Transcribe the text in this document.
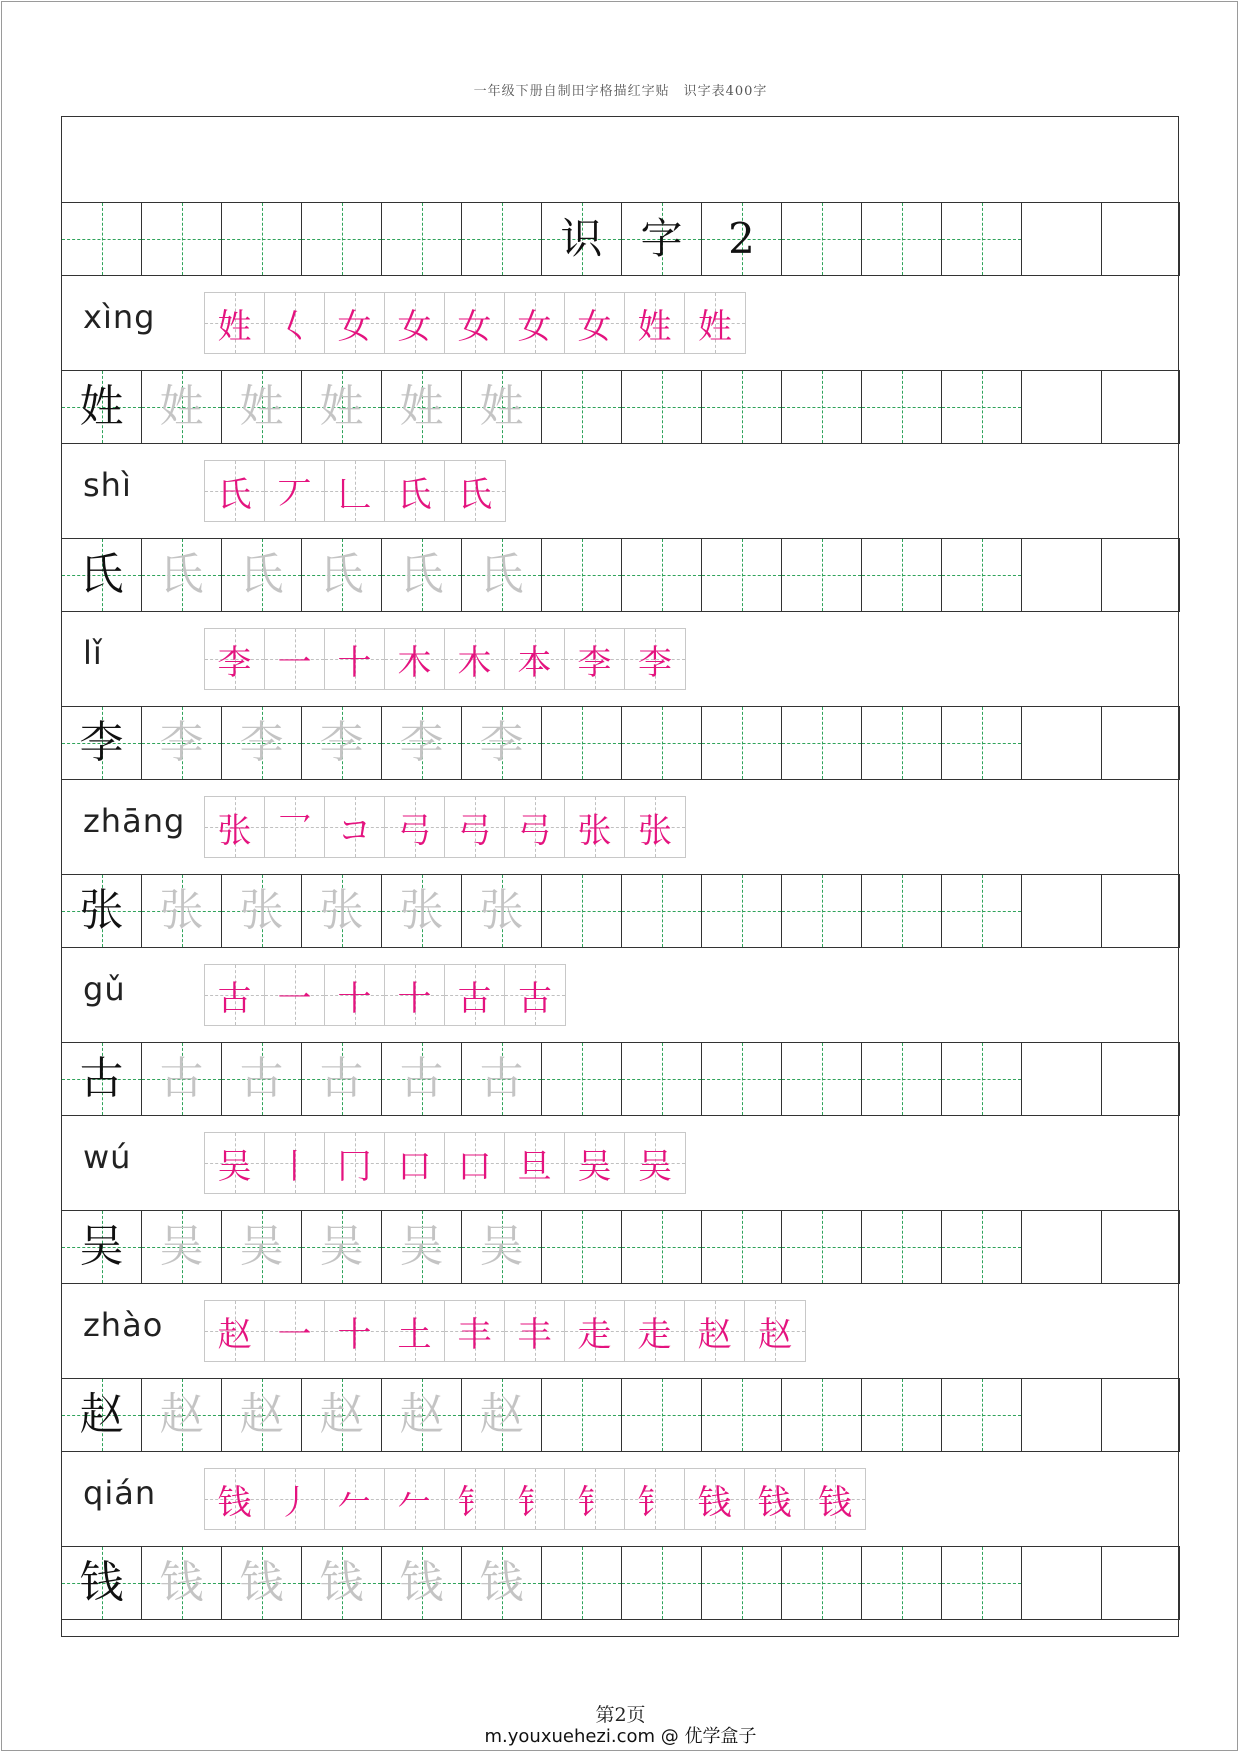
一年级下册自制田字格描红字贴　识字表400字
识 字	2
xìng	姓 𡿨 女 女 女 女 女 姓 姓
姓 姓 姓 姓 姓 姓
shì	氏 丆 𠃊 氏 氏
氏 氏 氏 氏 氏 氏
lǐ	李 一 十 木 木 本 李 李
李 李 李 李 李 李
zhāng 张 乛 コ 弓 弓 弓 张 张
张 张 张 张 张 张
gǔ	古 一 十 十 古 古
古 古 古 古 古 古
wú	吴 丨 冂 口 口 旦 吴 吴
吴 吴 吴 吴 吴 吴
zhào	赵 一 十 土 丰 丰 走 走 赵 赵
赵 赵 赵 赵 赵 赵
qián	钱 丿 𠂉 𠂉 钅 钅 钅 钅 钱 钱 钱
钱 钱 钱 钱 钱 钱
第2页
m.youxuehezi.com @ 优学盒子
